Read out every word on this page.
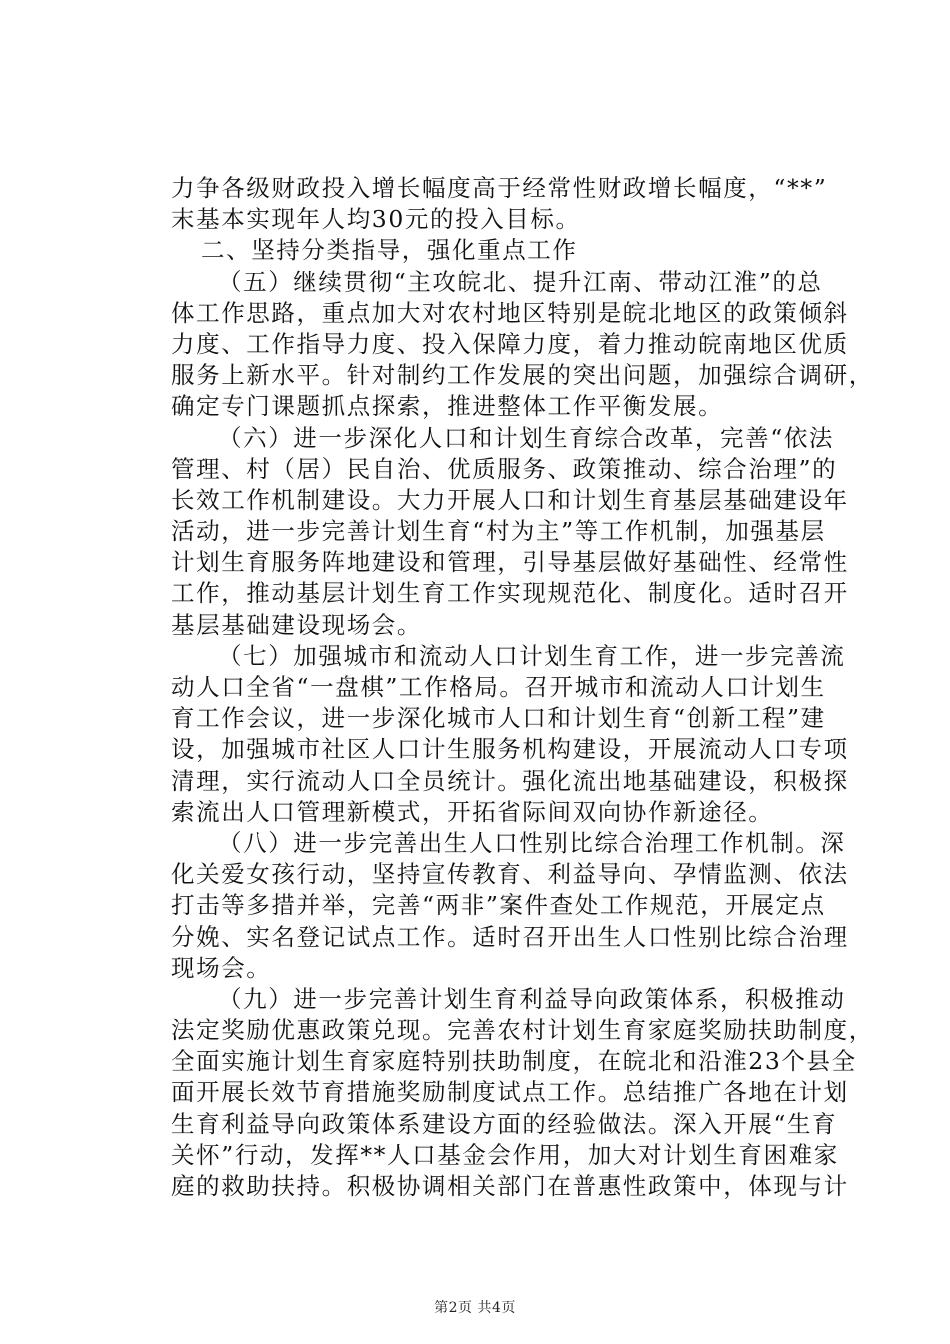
力争各级财政投入增长幅度高于经常性财政增长幅度，“**”
末基本实现年人均30元的投入目标。
二、坚持分类指导，强化重点工作
（五）继续贯彻“主攻皖北、提升江南、带动江淮”的总
体工作思路，重点加大对农村地区特别是皖北地区的政策倾斜
力度、工作指导力度、投入保障力度，着力推动皖南地区优质
服务上新水平。针对制约工作发展的突出问题，加强综合调研，
确定专门课题抓点探索，推进整体工作平衡发展。
（六）进一步深化人口和计划生育综合改革，完善“依法
管理、村（居）民自治、优质服务、政策推动、综合治理”的
长效工作机制建设。大力开展人口和计划生育基层基础建设年
活动，进一步完善计划生育“村为主”等工作机制，加强基层
计划生育服务阵地建设和管理，引导基层做好基础性、经常性
工作，推动基层计划生育工作实现规范化、制度化。适时召开
基层基础建设现场会。
（七）加强城市和流动人口计划生育工作，进一步完善流
动人口全省“一盘棋”工作格局。召开城市和流动人口计划生
育工作会议，进一步深化城市人口和计划生育“创新工程”建
设，加强城市社区人口计生服务机构建设，开展流动人口专项
清理，实行流动人口全员统计。强化流出地基础建设，积极探
索流出人口管理新模式，开拓省际间双向协作新途径。
（八）进一步完善出生人口性别比综合治理工作机制。深
化关爱女孩行动，坚持宣传教育、利益导向、孕情监测、依法
打击等多措并举，完善“两非”案件查处工作规范，开展定点
分娩、实名登记试点工作。适时召开出生人口性别比综合治理
现场会。
（九）进一步完善计划生育利益导向政策体系，积极推动
法定奖励优惠政策兑现。完善农村计划生育家庭奖励扶助制度，
全面实施计划生育家庭特别扶助制度，在皖北和沿淮23个县全
面开展长效节育措施奖励制度试点工作。总结推广各地在计划
生育利益导向政策体系建设方面的经验做法。深入开展“生育
关怀”行动，发挥**人口基金会作用，加大对计划生育困难家
庭的救助扶持。积极协调相关部门在普惠性政策中，体现与计
第2页 共4页
